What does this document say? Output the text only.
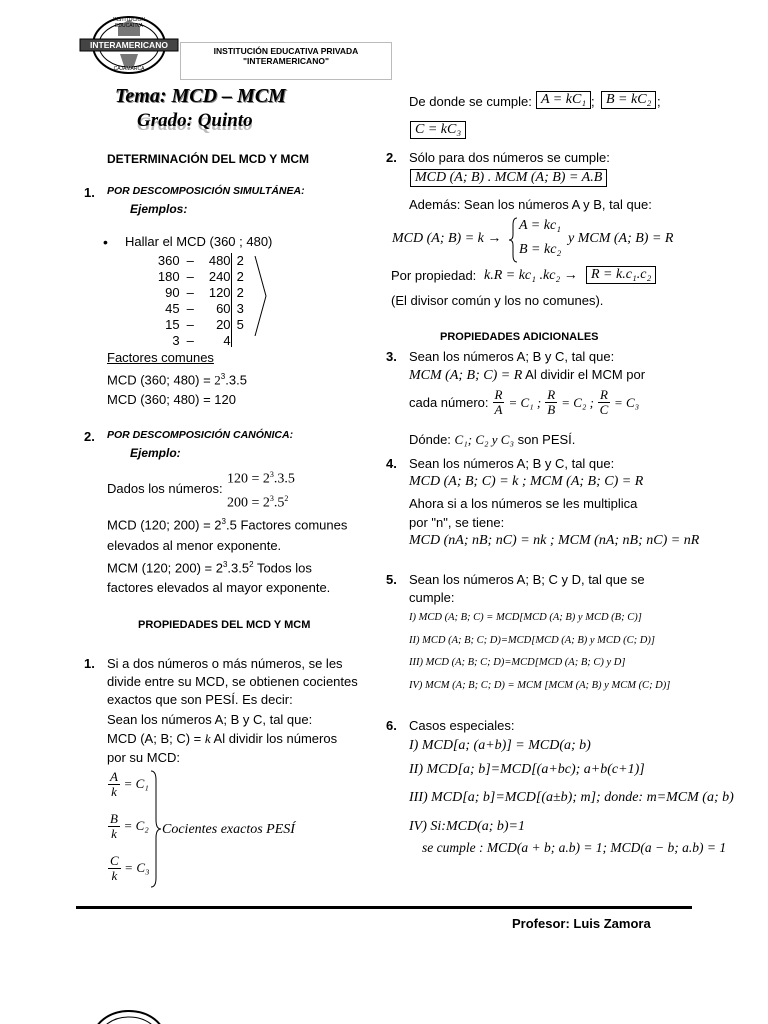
INTERAMERICANO
INSTITUCION EDUCATIVA
CAJAMARCA
INSTITUCIÓN EDUCATIVA PRIVADA
"INTERAMERICANO"
Tema: MCD – MCM
Grado: Quinto
DETERMINACIÓN DEL MCD Y MCM
1. POR DESCOMPOSICIÓN SIMULTÁNEA:
Ejemplos:
• Hallar el MCD (360 ; 480)
360	–	480	2
180	–	240	2
90	–	120	2
45	–	60	3
15	–	20	5
3	–	4	
Factores comunes
MCD (360; $480) = 2^3.3.5$
MCD (360; 480) = 120
2. POR DESCOMPOSICIÓN CANÓNICA:
Ejemplo:
Dados los números:
$120 = 2^3.3.5$
$200 = 2^3.5^2$
MCD (120; $200) = 2^3.5$ Factores comunes
elevados al menor exponente.
MCM (120; $200) = 2^3.3.5^2$ Todos los
factores elevados al mayor exponente.
PROPIEDADES DEL MCD Y MCM
1. Si a dos números o más números, se les
divide entre su MCD, se obtienen cocientes
exactos que son PESÍ. Es decir:
Sean los números A; B y C, tal que:
MCD (A; B; C) = k Al dividir los números
por su MCD:
$\frac{A}{k} = C_1$
$\frac{B}{k} = C_2$
$\frac{C}{k} = C_3$
Cocientes exactos PESÍ
De donde se cumple: A = kC₁ ; B = kC₂ ;
C = kC₃
2. Sólo para dos números se cumple:
MCD (A; B) . MCM (A; B) = A.B
Además: Sean los números A y B, tal que:
MCD (A; B) = k →
A = kc₁
B = kc₂
y MCM (A; B) = R
Por propiedad: k.R = kc₁ .kc₂ → R = k.c₁.c₂
(El divisor común y los no comunes).
PROPIEDADES ADICIONALES
3. Sean los números A; B y C, tal que:
MCM (A; B; C) = R Al dividir el MCM por
cada número: $\frac{R}{A} = C_1$ ; $\frac{R}{B} = C_2$ ; $\frac{R}{C} = C_3$
Dónde: C₁; C₂ y C₃ son PESÍ.
4. Sean los números A; B y C, tal que:
MCD (A; B; C) = k ; MCM (A; B; C) = R
Ahora si a los números se les multiplica
por "n", se tiene:
MCD (nA; nB; nC) = nk ; MCM (nA; nB; nC) = nR
5. Sean los números A; B; C y D, tal que se
cumple:
I) MCD (A; B; C) = MCD[MCD (A; B) y MCD (B; C)]
II) MCD (A; B; C; D)=MCD[MCD (A; B) y MCD (C; D)]
III) MCD (A; B; C; D)=MCD[MCD (A; B; C) y D]
IV) MCM (A; B; C; D) = MCM [MCM (A; B) y MCM (C; D)]
6. Casos especiales:
I) MCD[a; (a+b)] = MCD(a; b)
II) MCD[a; b]=MCD[(a+bc); a+b(c+1)]
III) MCD[a; b]=MCD[(a±b); m]; donde: m=MCM (a; b)
IV) Si:MCD(a; b)=1
se cumple : MCD(a + b; a.b) = 1; MCD(a − b; a.b) = 1
Profesor: Luis Zamora
